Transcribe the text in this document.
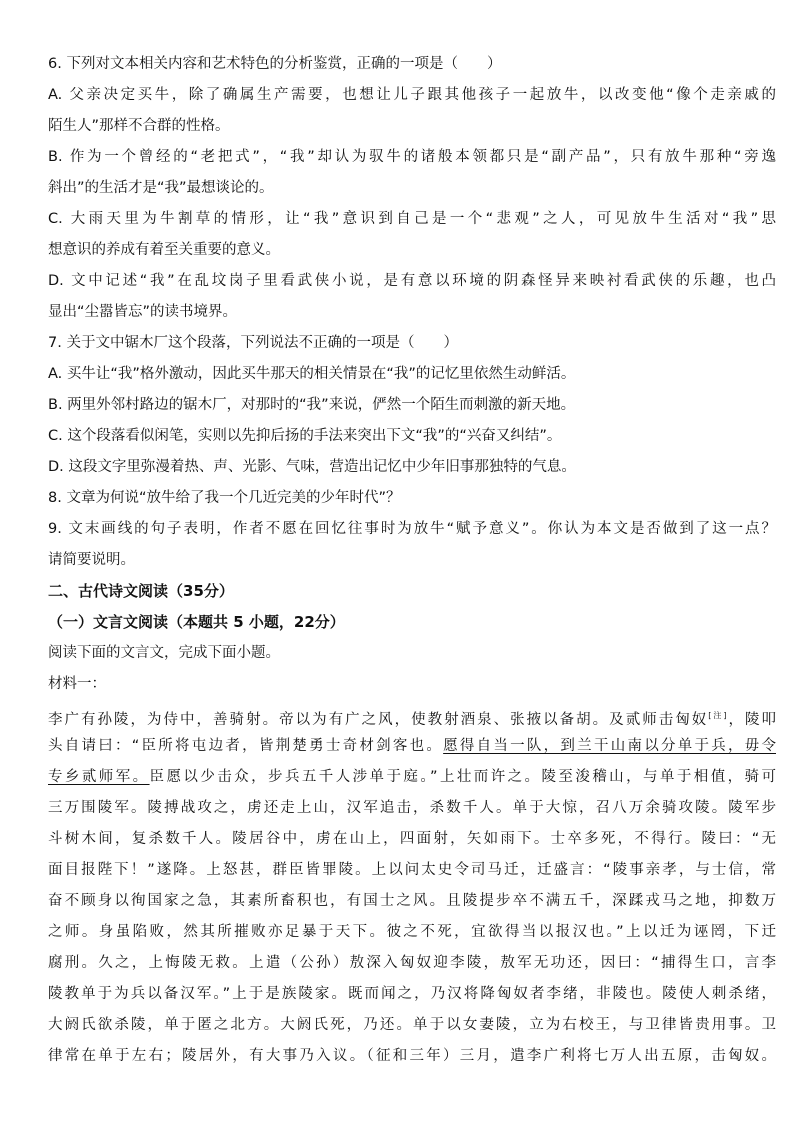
6. 下列对文本相关内容和艺术特色的分析鉴赏，正确的一项是（　　）
A. 父亲决定买牛，除了确属生产需要，也想让儿子跟其他孩子一起放牛，以改变他“像个走亲戚的
陌生人”那样不合群的性格。
B. 作为一个曾经的“老把式”，“我”却认为驭牛的诸般本领都只是“副产品”，只有放牛那种“旁逸
斜出”的生活才是“我”最想谈论的。
C. 大雨天里为牛割草的情形，让“我”意识到自己是一个“悲观”之人，可见放牛生活对“我”思
想意识的养成有着至关重要的意义。
D. 文中记述“我”在乱坟岗子里看武侠小说，是有意以环境的阴森怪异来映衬看武侠的乐趣，也凸
显出“尘嚣皆忘”的读书境界。
7. 关于文中锯木厂这个段落，下列说法不正确的一项是（　　）
A. 买牛让“我”格外激动，因此买牛那天的相关情景在“我”的记忆里依然生动鲜活。
B. 两里外邻村路边的锯木厂，对那时的“我”来说，俨然一个陌生而刺激的新天地。
C. 这个段落看似闲笔，实则以先抑后扬的手法来突出下文“我”的“兴奋又纠结”。
D. 这段文字里弥漫着热、声、光影、气味，营造出记忆中少年旧事那独特的气息。
8. 文章为何说“放牛给了我一个几近完美的少年时代”？
9. 文末画线的句子表明，作者不愿在回忆往事时为放牛“赋予意义”。你认为本文是否做到了这一点？
请简要说明。
二、古代诗文阅读（35分）
（一）文言文阅读（本题共 5 小题，22分）
阅读下面的文言文，完成下面小题。
材料一：
李广有孙陵，为侍中，善骑射。帝以为有广之风，使教射酒泉、张掖以备胡。及贰师击匈奴[注]，陵叩
头自请曰：“臣所将屯边者，皆荆楚勇士奇材剑客也。愿得自当一队，到兰干山南以分单于兵，毋令
专乡贰师军。臣愿以少击众，步兵五千人涉单于庭。”上壮而许之。陵至浚稽山，与单于相值，骑可
三万围陵军。陵搏战攻之，虏还走上山，汉军追击，杀数千人。单于大惊，召八万余骑攻陵。陵军步
斗树木间，复杀数千人。陵居谷中，虏在山上，四面射，矢如雨下。士卒多死，不得行。陵曰：“无
面目报陛下！”遂降。上怒甚，群臣皆罪陵。上以问太史令司马迁，迁盛言：“陵事亲孝，与士信，常
奋不顾身以徇国家之急，其素所畜积也，有国士之风。且陵提步卒不满五千，深蹂戎马之地，抑数万
之师。身虽陷败，然其所摧败亦足暴于天下。彼之不死，宜欲得当以报汉也。”上以迁为诬罔，下迁
腐刑。久之，上悔陵无救。上遣（公孙）敖深入匈奴迎李陵，敖军无功还，因曰：“捕得生口，言李
陵教单于为兵以备汉军。”上于是族陵家。既而闻之，乃汉将降匈奴者李绪，非陵也。陵使人刺杀绪，
大阏氏欲杀陵，单于匿之北方。大阏氏死，乃还。单于以女妻陵，立为右校王，与卫律皆贵用事。卫
律常在单于左右；陵居外，有大事乃入议。（征和三年）三月，遣李广利将七万人出五原，击匈奴。
